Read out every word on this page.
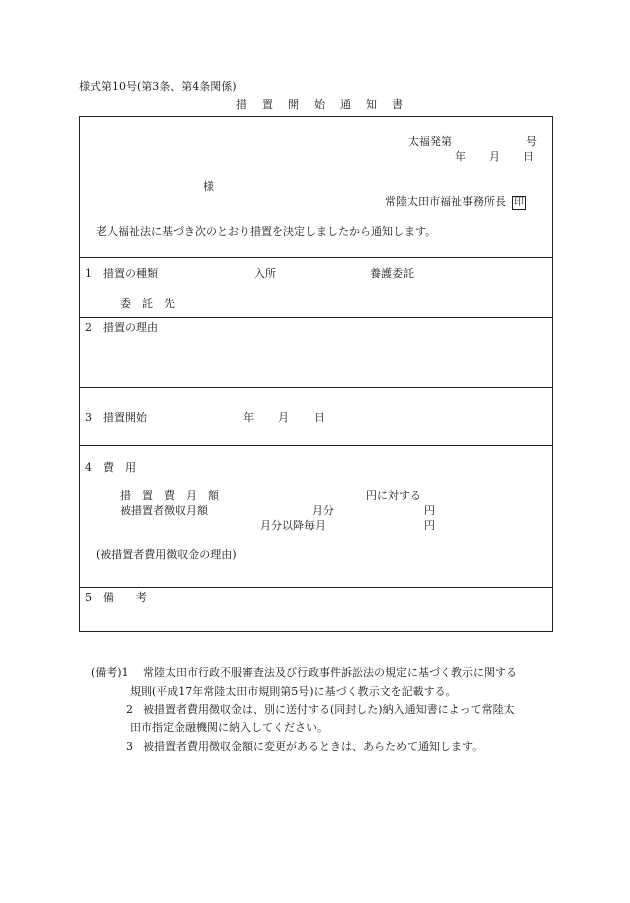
様式第10号(第3条、第4条関係)
措　置　開　始　通　知　書
太福発第	号
年 月 日
様
常陸太田市福祉事務所長 印
老人福祉法に基づき次のとおり措置を決定しましたから通知します。
1 措置の種類	入所	養護委託
委　託　先
2 措置の理由
3 措置開始	年 月 日
4 費　用
措　置　費　月　額	円に対する
被措置者徴収月額	月分	円
月分以降毎月	円
(被措置者費用徴収金の理由)
5 備　　考
(備考)1 常陸太田市行政不服審査法及び行政事件訴訟法の規定に基づく教示に関する
規則(平成17年常陸太田市規則第5号)に基づく教示文を記載する。
2 被措置者費用徴収金は、別に送付する(同封した)納入通知書によって常陸太
田市指定金融機関に納入してください。
3 被措置者費用徴収金額に変更があるときは、あらためて通知します。
